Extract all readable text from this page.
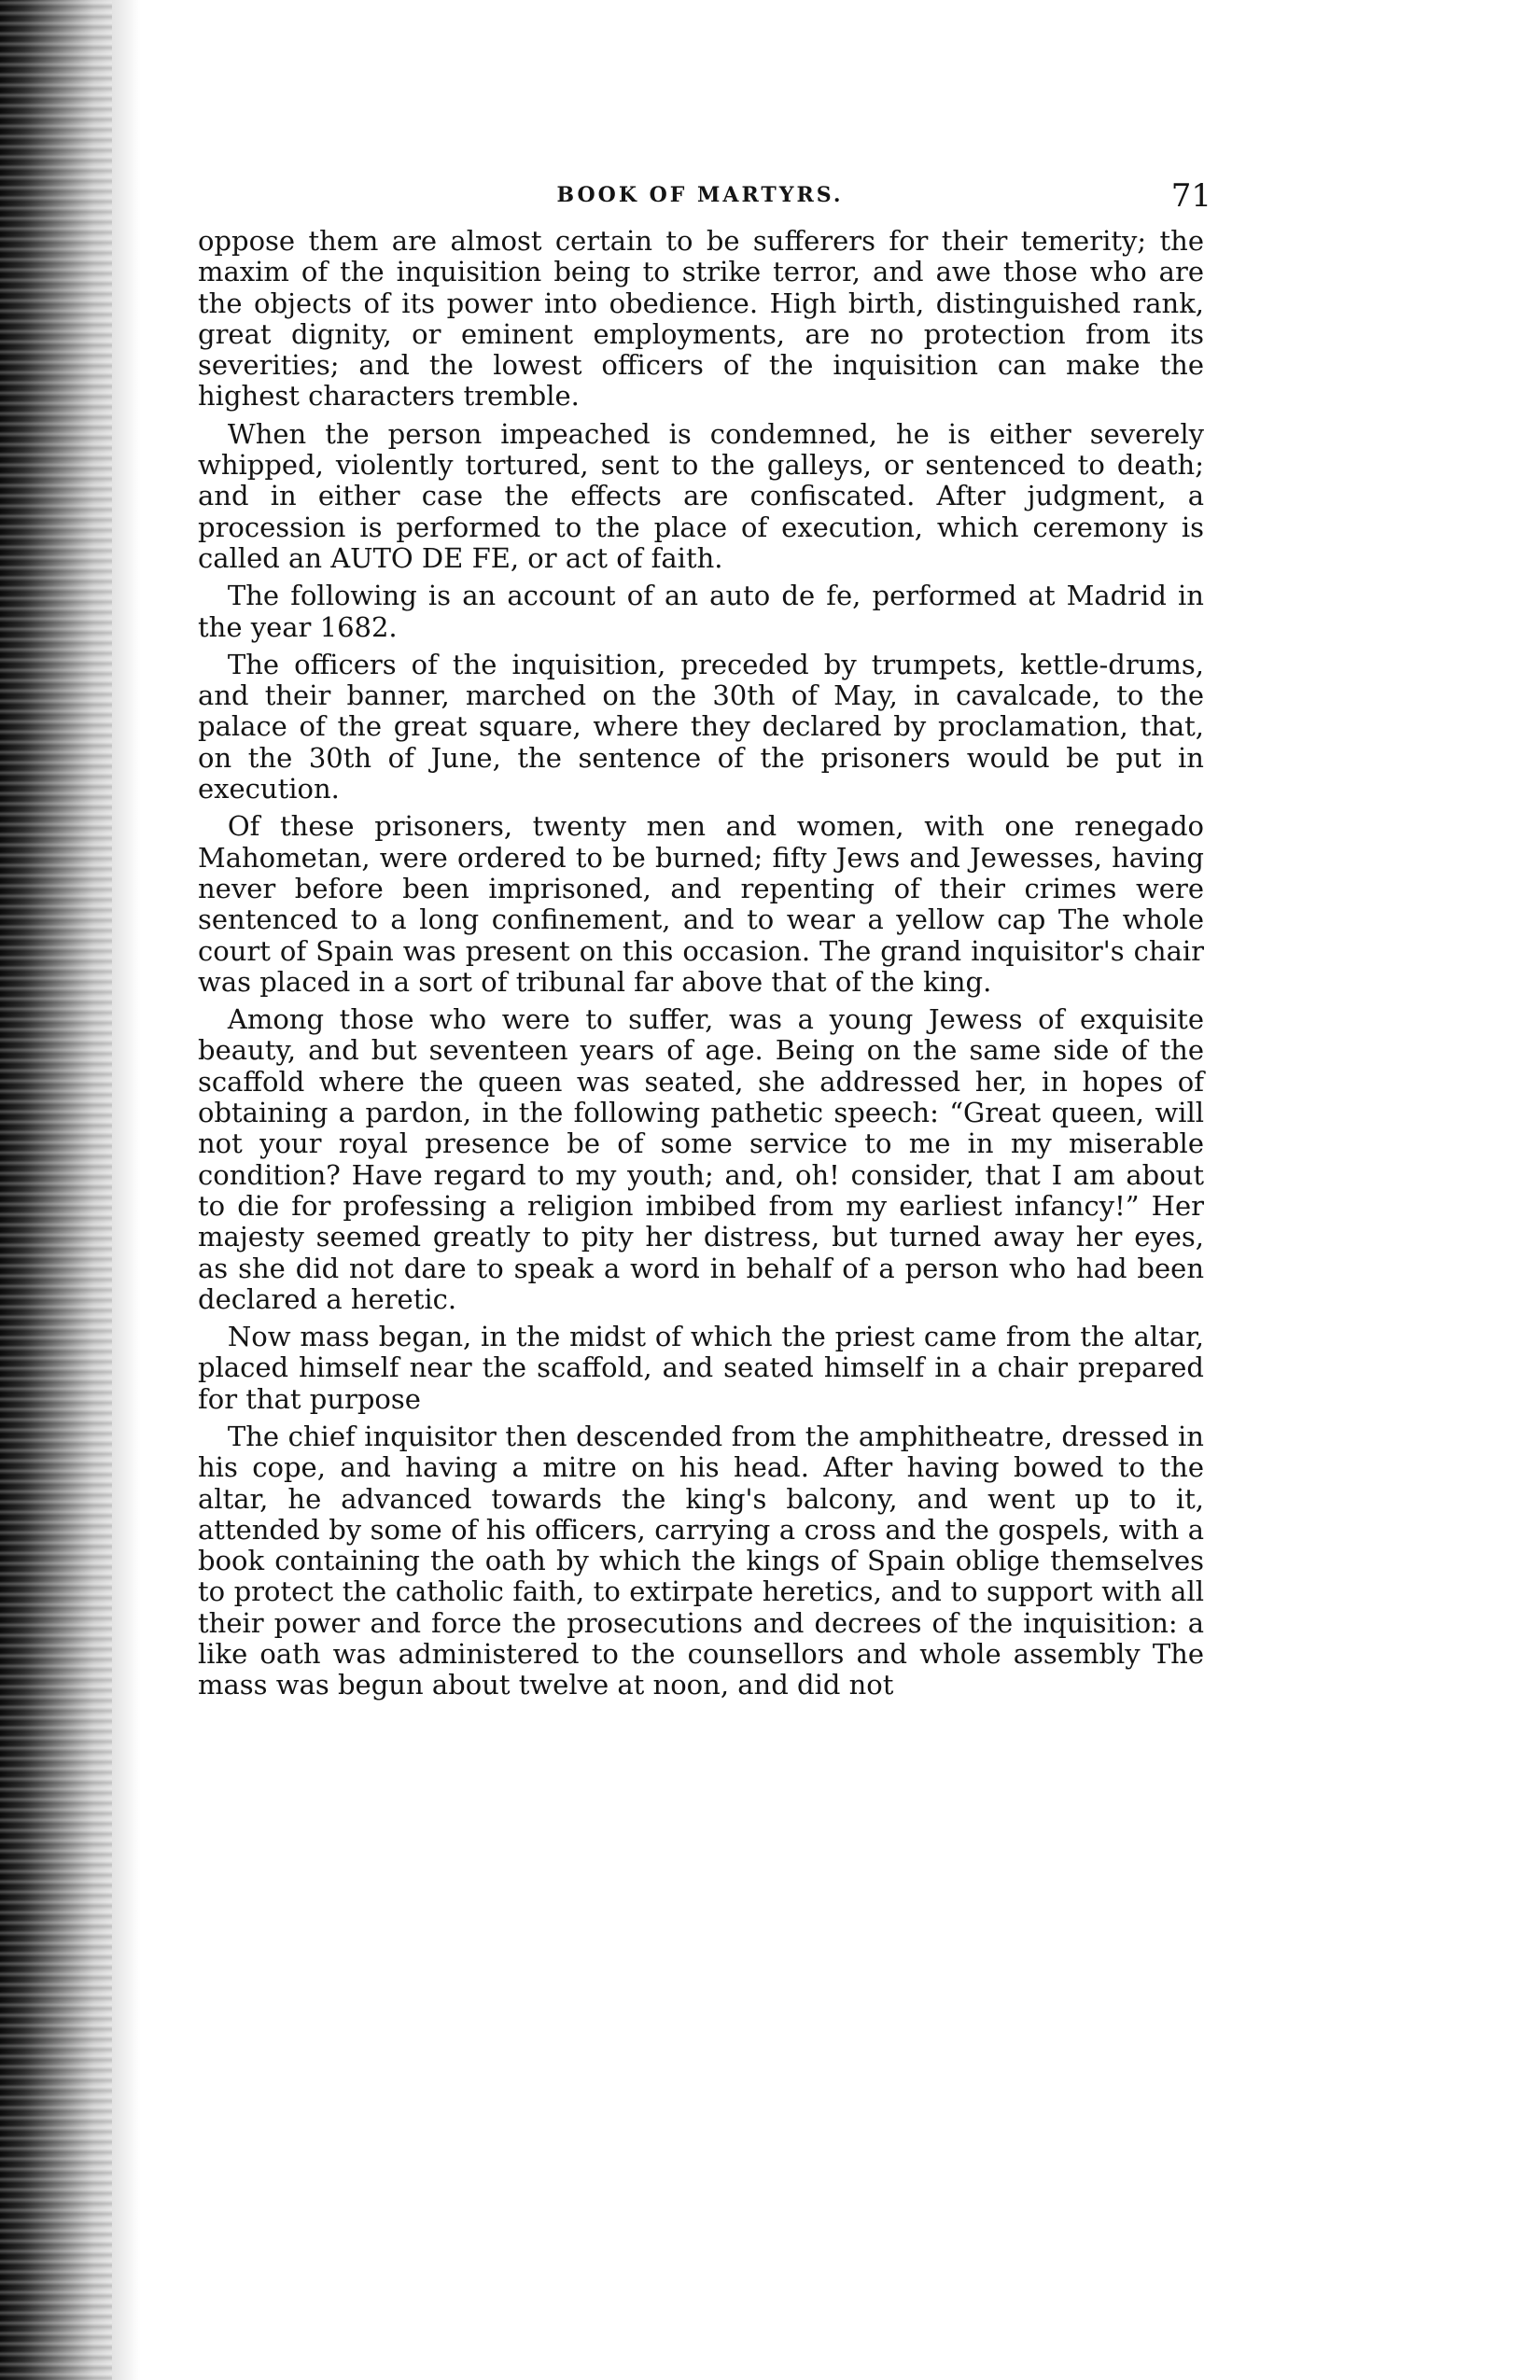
BOOK OF MARTYRS.	71

oppose them are almost certain to be sufferers for their temerity; the maxim of the inquisition being to strike terror, and awe those who are the objects of its power into obedience. High birth, distinguished rank, great dignity, or eminent employments, are no protection from its severities; and the lowest officers of the inquisition can make the highest characters tremble.

When the person impeached is condemned, he is either severely whipped, violently tortured, sent to the galleys, or sentenced to death; and in either case the effects are confiscated. After judgment, a procession is performed to the place of execution, which ceremony is called an AUTO DE FE, or act of faith.

The following is an account of an auto de fe, performed at Madrid in the year 1682.

The officers of the inquisition, preceded by trumpets, kettle-drums, and their banner, marched on the 30th of May, in cavalcade, to the palace of the great square, where they declared by proclamation, that, on the 30th of June, the sentence of the prisoners would be put in execution.

Of these prisoners, twenty men and women, with one renegado Mahometan, were ordered to be burned; fifty Jews and Jewesses, having never before been imprisoned, and repenting of their crimes were sentenced to a long confinement, and to wear a yellow cap The whole court of Spain was present on this occasion. The grand inquisitor's chair was placed in a sort of tribunal far above that of the king.

Among those who were to suffer, was a young Jewess of exquisite beauty, and but seventeen years of age. Being on the same side of the scaffold where the queen was seated, she addressed her, in hopes of obtaining a pardon, in the following pathetic speech: “Great queen, will not your royal presence be of some service to me in my miserable condition? Have regard to my youth; and, oh! consider, that I am about to die for professing a religion imbibed from my earliest infancy!” Her majesty seemed greatly to pity her distress, but turned away her eyes, as she did not dare to speak a word in behalf of a person who had been declared a heretic.

Now mass began, in the midst of which the priest came from the altar, placed himself near the scaffold, and seated himself in a chair prepared for that purpose

The chief inquisitor then descended from the amphitheatre, dressed in his cope, and having a mitre on his head. After having bowed to the altar, he advanced towards the king's balcony, and went up to it, attended by some of his officers, carrying a cross and the gospels, with a book containing the oath by which the kings of Spain oblige themselves to protect the catholic faith, to extirpate heretics, and to support with all their power and force the prosecutions and decrees of the inquisition: a like oath was administered to the counsellors and whole assembly The mass was begun about twelve at noon, and did not
